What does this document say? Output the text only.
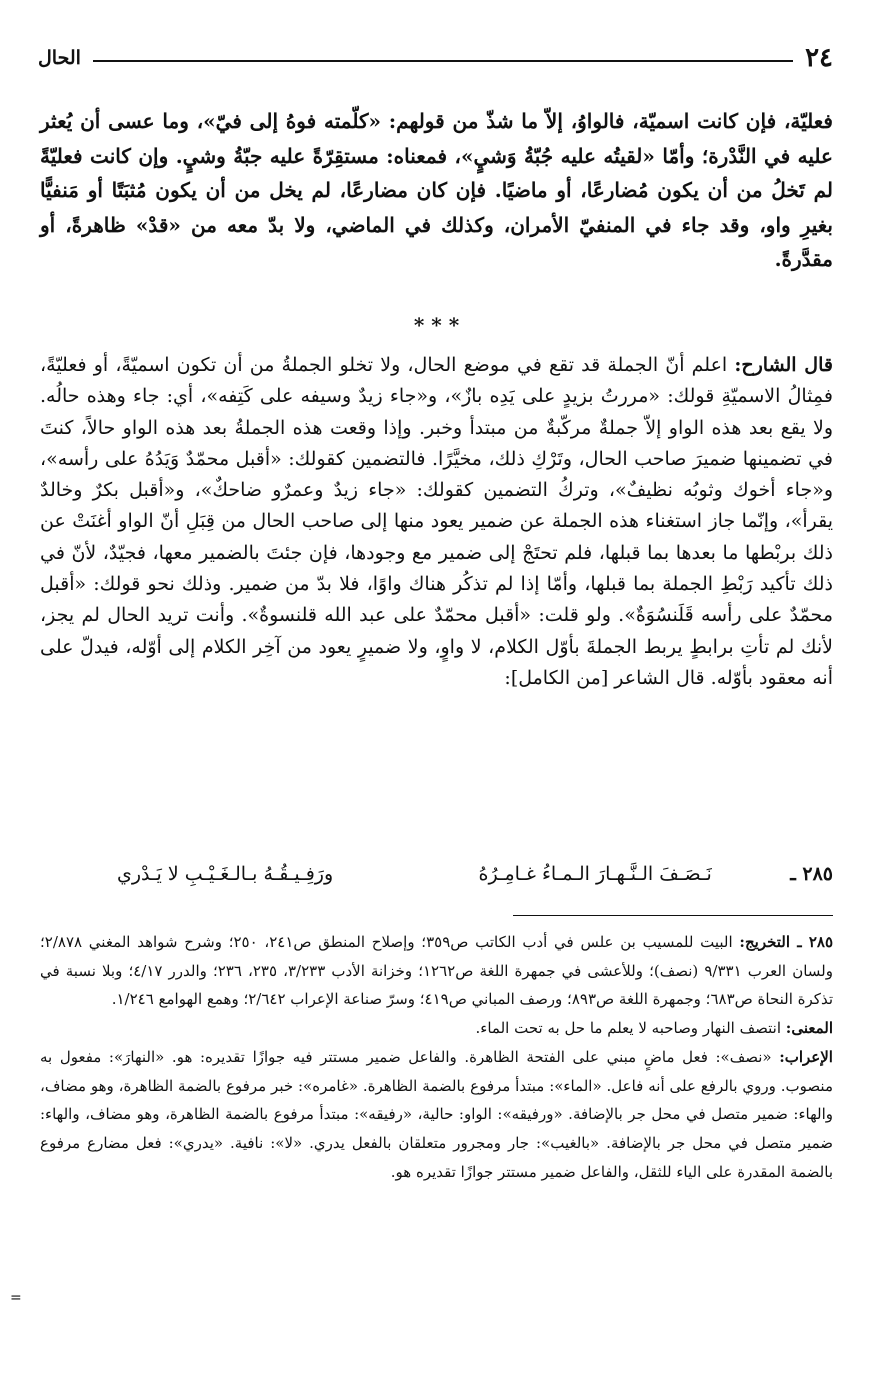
٢٤
الحال

فعليّة، فإن كانت اسميّة، فالواوُ، إلاّ ما شذّ من قولهم: «كلّمته فوهُ إلى فيّ»، وما عسى أن يُعثر عليه في النَّدْرة؛ وأمّا «لقيتُه عليه جُبّةُ وَشيٍ»، فمعناه: مستقِرّةً عليه جبّةُ وشيٍ. وإن كانت فعليّةً لم تَخلُ من أن يكون مُضارعًا، أو ماضيًا. فإن كان مضارعًا، لم يخل من أن يكون مُثبَتًا أو مَنفيًّا بغيرِ واو، وقد جاء في المنفيّ الأمران، وكذلك في الماضي، ولا بدّ معه من «قدْ» ظاهرةً، أو مقدَّرةً.

* * *

قال الشارح: اعلم أنّ الجملة قد تقع في موضع الحال، ولا تخلو الجملةُ من أن تكون اسميّةً، أو فعليّةً، فمِثالُ الاسميّةِ قولك: «مررتُ بزيدٍ على يَدِه بازٌ»، و«جاء زيدٌ وسيفه على كَتِفه»، أي: جاء وهذه حالُه. ولا يقع بعد هذه الواو إلاّ جملةٌ مركّبةٌ من مبتدأ وخبر. وإذا وقعت هذه الجملةُ بعد هذه الواو حالاً، كنتَ في تضمينها ضميرَ صاحب الحال، وتَرْكِ ذلك، مخيَّرًا. فالتضمين كقولك: «أقبل محمّدٌ وَيَدُهُ على رأسه»، و«جاء أخوك وثوبُه نظيفٌ»، وتركُ التضمين كقولك: «جاء زيدٌ وعمرٌو ضاحكٌ»، و«أقبل بكرٌ وخالدٌ يقرأ»، وإنّما جاز استغناء هذه الجملة عن ضمير يعود منها إلى صاحب الحال من قِبَلِ أنّ الواو أغنَتْ عن ذلك بربْطها ما بعدها بما قبلها، فلم تحتَجْ إلى ضمير مع وجودها، فإن جئتَ بالضمير معها، فجيّدٌ، لأنّ في ذلك تأكيد رَبْطِ الجملة بما قبلها، وأمّا إذا لم تذكُر هناك واوًا، فلا بدّ من ضمير. وذلك نحو قولك: «أقبل محمّدٌ على رأسه قَلَنسُوَةٌ». ولو قلت: «أقبل محمّدٌ على عبد الله قلنسوةٌ». وأنت تريد الحال لم يجز، لأنك لم تأتِ برابطٍ يربط الجملةَ بأوّل الكلام، لا واوٍ، ولا ضميرٍ يعود من آخِر الكلام إلى أوّله، فيدلّ على أنه معقود بأوّله. قال الشاعر [من الكامل]:

٢٨٥ ـ
نَـصَـفَ الـنَّـهـارَ الـمـاءُ غـامِـرُهُ
ورَفِـيـقُـهُ بـالـغَـيْـبِ لا يَـدْري

٢٨٥ ـ التخريج: البيت للمسيب بن علس في أدب الكاتب ص٣٥٩؛ وإصلاح المنطق ص٢٤١، ٢٥٠؛ وشرح شواهد المغني ٢/٨٧٨؛ ولسان العرب ٩/٣٣١ (نصف)؛ وللأعشى في جمهرة اللغة ص١٢٦٢؛ وخزانة الأدب ٣/٢٣٣، ٢٣٥، ٢٣٦؛ والدرر ٤/١٧؛ وبلا نسبة في تذكرة النحاة ص٦٨٣؛ وجمهرة اللغة ص٨٩٣؛ ورصف المباني ص٤١٩؛ وسرّ صناعة الإعراب ٢/٦٤٢؛ وهمع الهوامع ١/٢٤٦.

المعنى: انتصف النهار وصاحبه لا يعلم ما حل به تحت الماء.

الإعراب: «نصف»: فعل ماضٍ مبني على الفتحة الظاهرة. والفاعل ضمير مستتر فيه جوازًا تقديره: هو. «النهارَ»: مفعول به منصوب. وروي بالرفع على أنه فاعل. «الماء»: مبتدأ مرفوع بالضمة الظاهرة. «غامره»: خبر مرفوع بالضمة الظاهرة، وهو مضاف، والهاء: ضمير متصل في محل جر بالإضافة. «ورفيقه»: الواو: حالية، «رفيقه»: مبتدأ مرفوع بالضمة الظاهرة، وهو مضاف، والهاء: ضمير متصل في محل جر بالإضافة. «بالغيب»: جار ومجرور متعلقان بالفعل يدري. «لا»: نافية. «يدري»: فعل مضارع مرفوع بالضمة المقدرة على الياء للثقل، والفاعل ضمير مستتر جوازًا تقديره هو.

=
